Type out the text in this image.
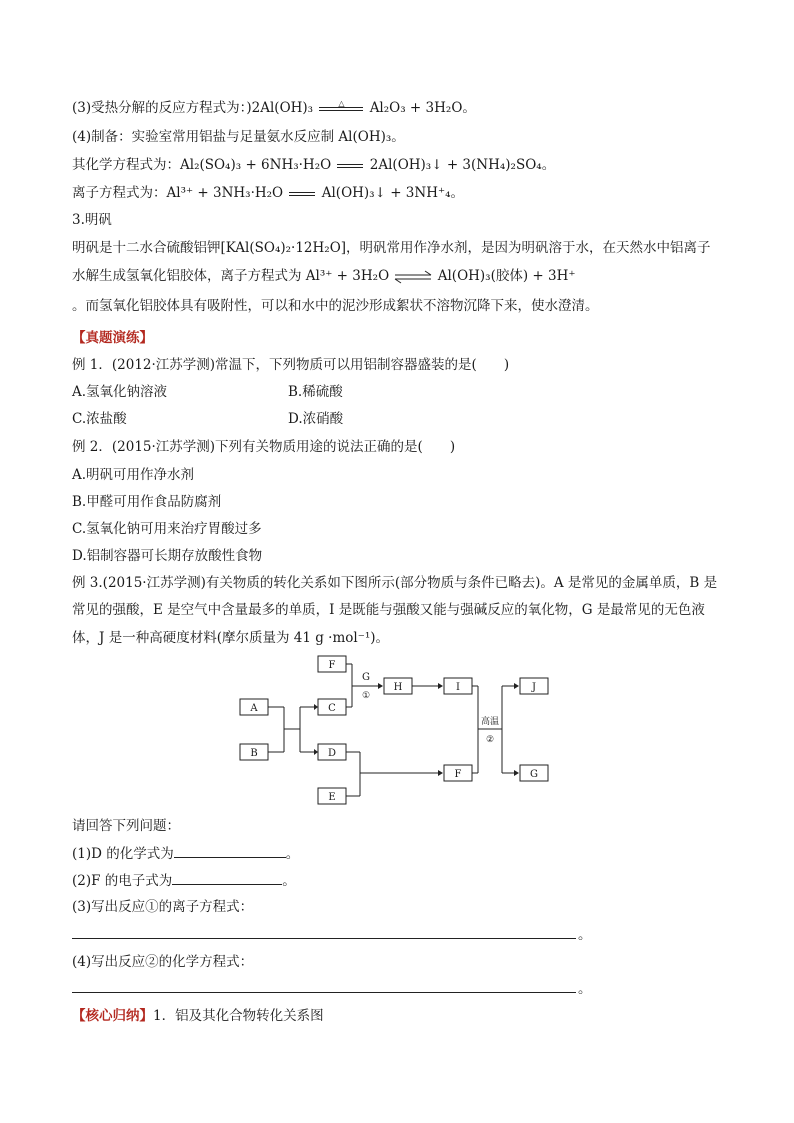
(3)受热分解的反应方程式为：)2Al(OH)₃	△	Al₂O₃ + 3H₂O。
(4)制备：实验室常用铝盐与足量氨水反应制 Al(OH)₃。
其化学方程式为：Al₂(SO₄)₃ + 6NH₃·H₂O	2Al(OH)₃↓ + 3(NH₄)₂SO₄。
离子方程式为：Al³⁺ + 3NH₃·H₂O	Al(OH)₃↓ + 3NH⁺₄。
3.明矾
明矾是十二水合硫酸铝钾[KAl(SO₄)₂·12H₂O]，明矾常用作净水剂，是因为明矾溶于水，在天然水中铝离子
水解生成氢氧化铝胶体，离子方程式为 Al³⁺ + 3H₂O ⇌ Al(OH)₃(胶体) + 3H⁺
。而氢氧化铝胶体具有吸附性，可以和水中的泥沙形成絮状不溶物沉降下来，使水澄清。
【真题演练】
例 1．(2012·江苏学测)常温下，下列物质可以用铝制容器盛装的是(　　)
A.氢氧化钠溶液	B.稀硫酸
C.浓盐酸	D.浓硝酸
例 2．(2015·江苏学测)下列有关物质用途的说法正确的是(　　)
A.明矾可用作净水剂
B.甲醛可用作食品防腐剂
C.氢氧化钠可用来治疗胃酸过多
D.铝制容器可长期存放酸性食物
例 3.(2015·江苏学测)有关物质的转化关系如下图所示(部分物质与条件已略去)。A 是常见的金属单质，B 是
常见的强酸，E 是空气中含量最多的单质，I 是既能与强酸又能与强碱反应的氧化物，G 是最常见的无色液
体，J 是一种高硬度材料(摩尔质量为 41 g ·mol⁻¹)。
A
B
C
D
E
F
F
H	I	J
G
G
①
高温
②
请回答下列问题：
(1)D 的化学式为	。
(2)F 的电子式为	。
(3)写出反应①的离子方程式：
。
(4)写出反应②的化学方程式：
。
【核心归纳】1．铝及其化合物转化关系图
